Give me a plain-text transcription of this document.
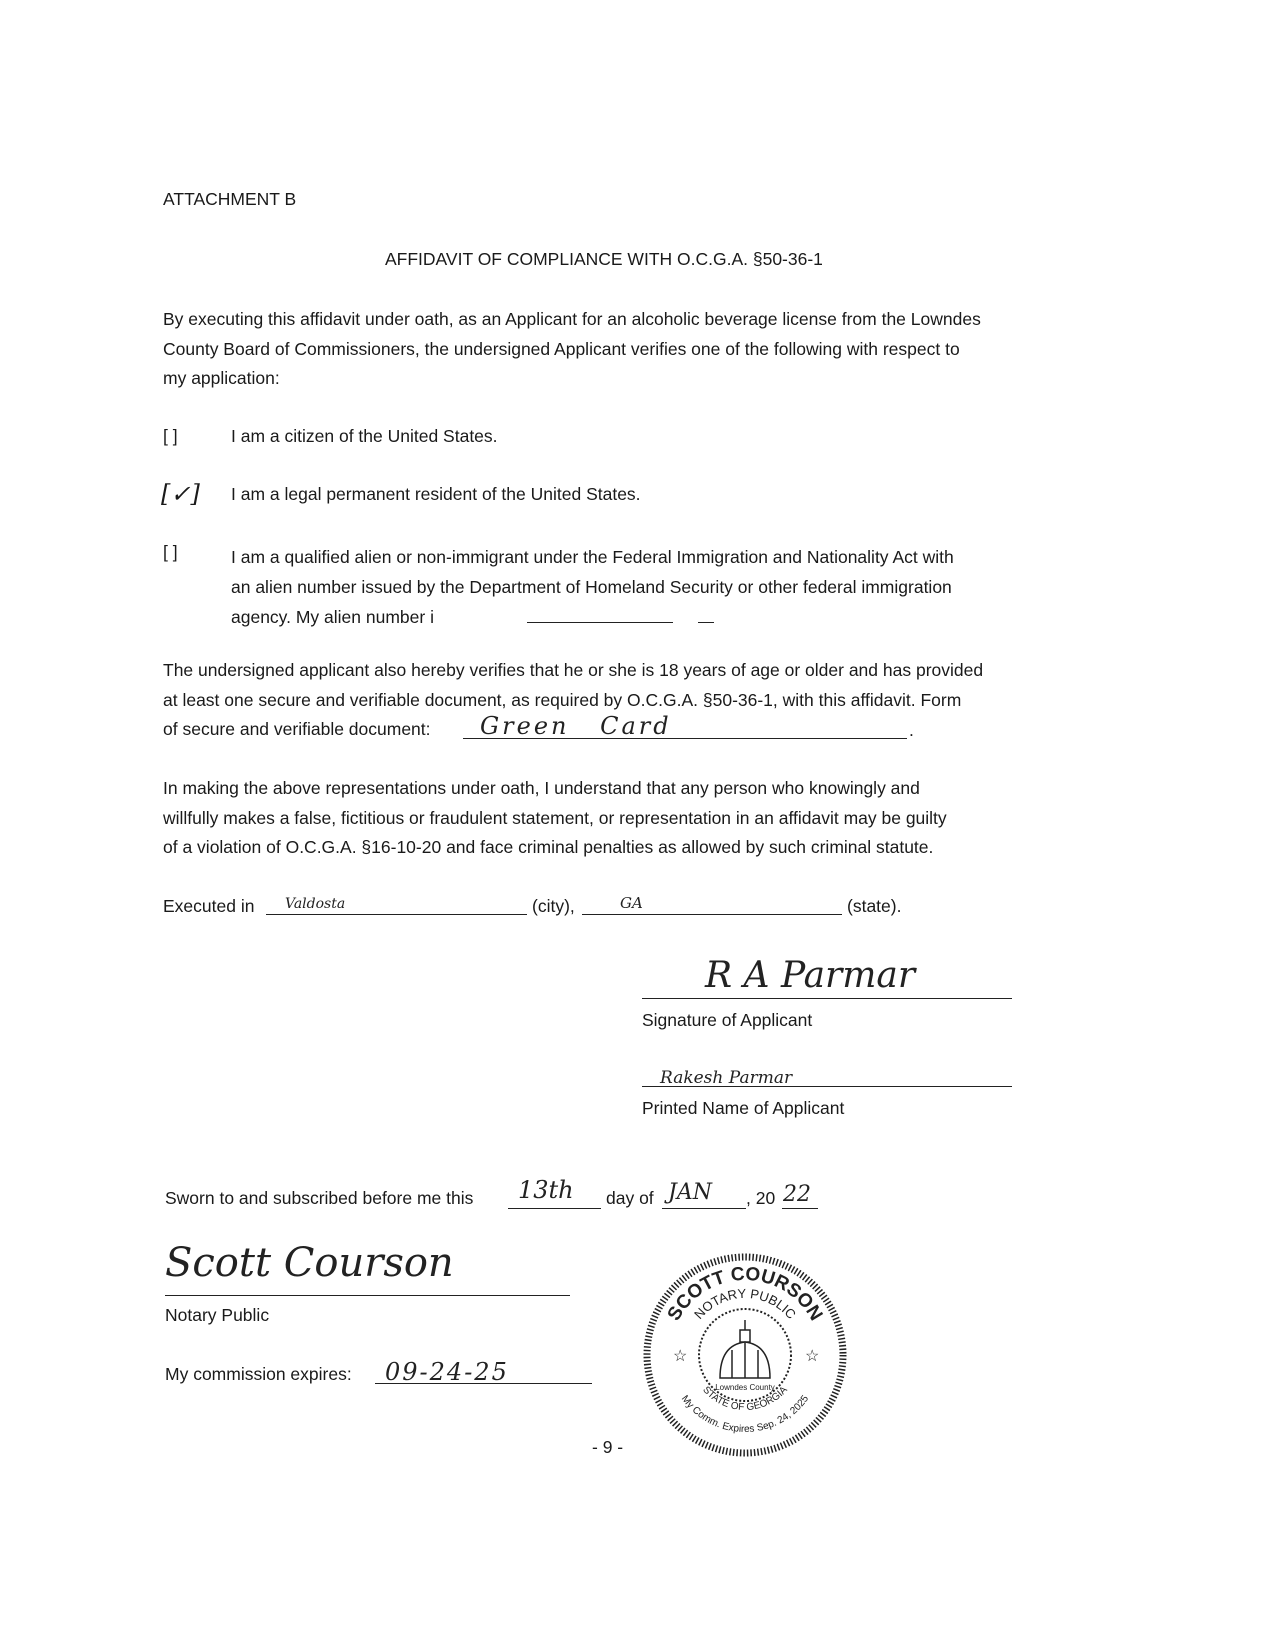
ATTACHMENT B
AFFIDAVIT OF COMPLIANCE WITH O.C.G.A. §50-36-1
By executing this affidavit under oath, as an Applicant for an alcoholic beverage license from the Lowndes
County Board of Commissioners, the undersigned Applicant verifies one of the following with respect to
my application:
[ ]	I am a citizen of the United States.
[✓] I am a legal permanent resident of the United States.
[ ]	I am a qualified alien or non-immigrant under the Federal Immigration and Nationality Act with
an alien number issued by the Department of Homeland Security or other federal immigration
agency. My alien number i
The undersigned applicant also hereby verifies that he or she is 18 years of age or older and has provided
at least one secure and verifiable document, as required by O.C.G.A. §50-36-1, with this affidavit. Form
of secure and verifiable document:	.
Green Card
In making the above representations under oath, I understand that any person who knowingly and
willfully makes a false, fictitious or fraudulent statement, or representation in an affidavit may be guilty
of a violation of O.C.G.A. §16-10-20 and face criminal penalties as allowed by such criminal statute.
Executed in Valdosta	(city),	GA	(state).
R A Parmar
Signature of Applicant
Rakesh Parmar
Printed Name of Applicant
Sworn to and subscribed before me this 13th day of JAN , 20 22
Scott Courson
Notary Public
My commission expires: 09-24-25
SCOTT COURSON
NOTARY PUBLIC
My Comm. Expires Sep. 24, 2025
STATE OF GEORGIA
Lowndes County
☆	☆
- 9 -
